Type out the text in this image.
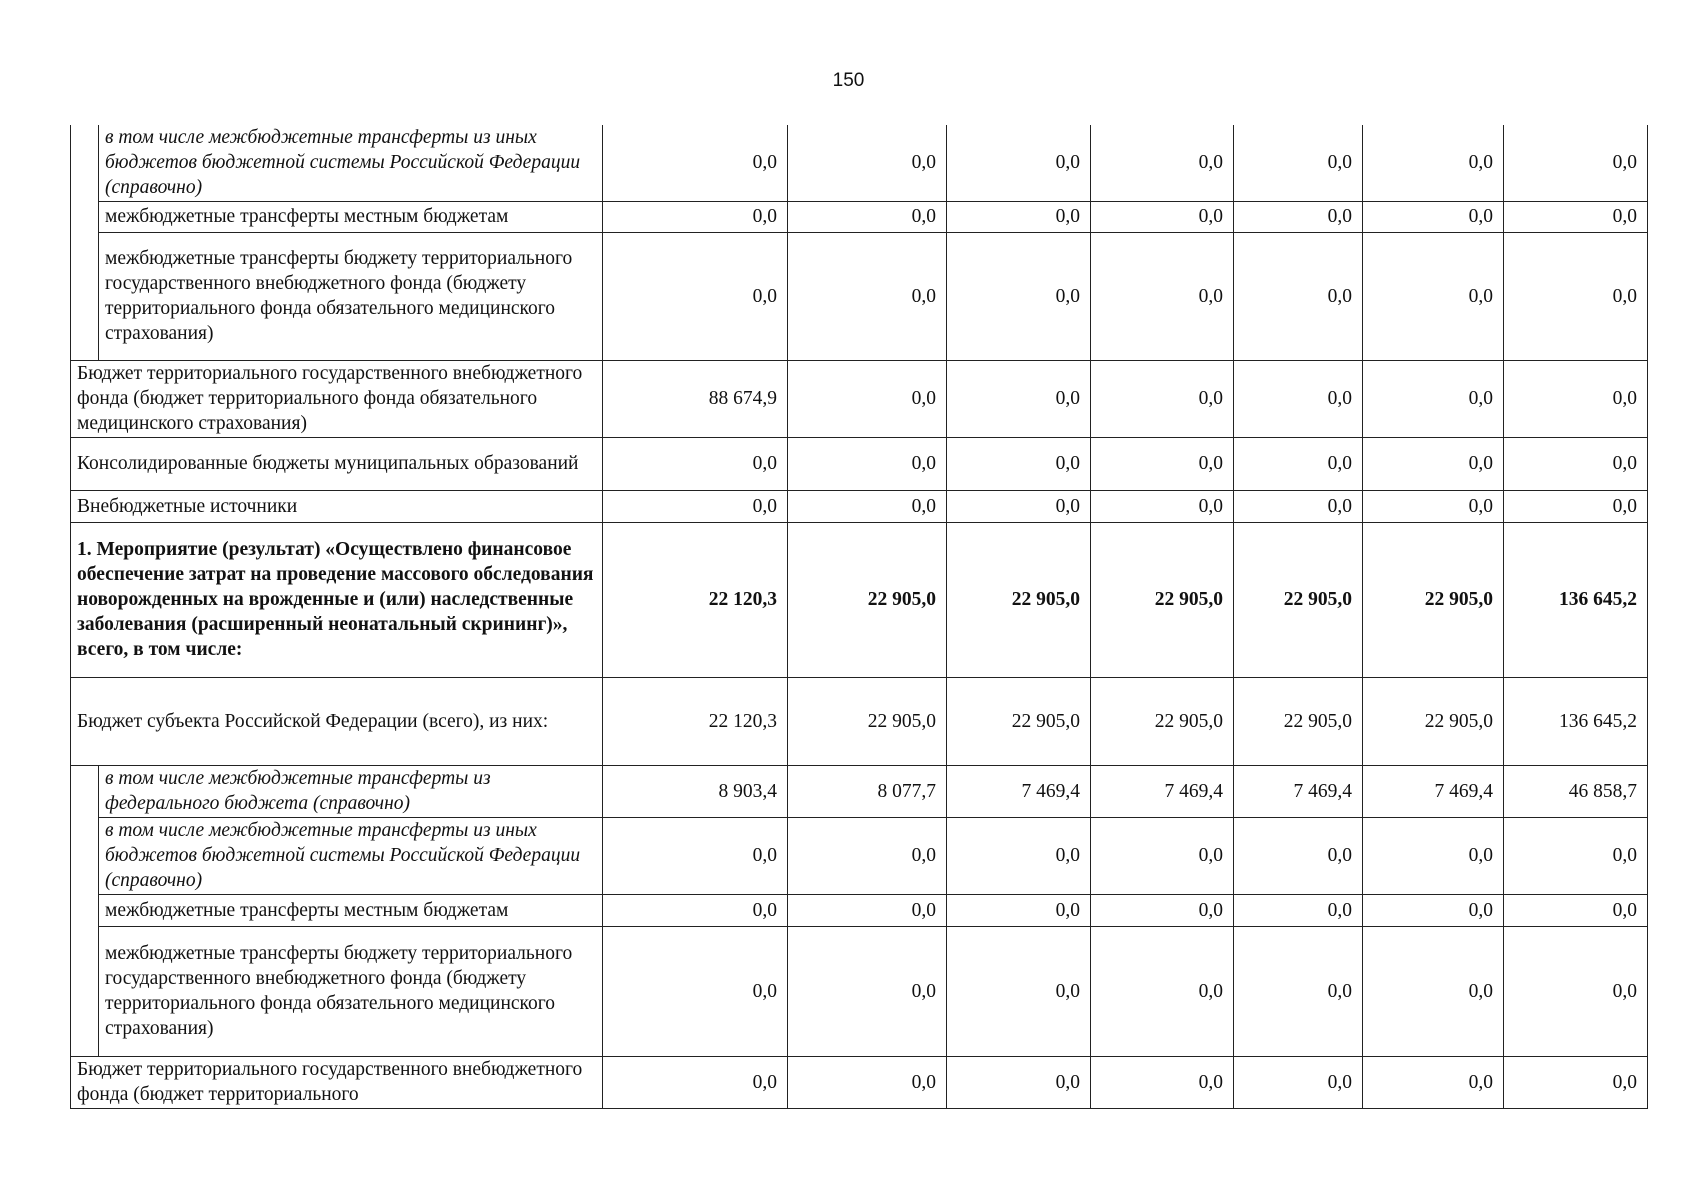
150
	в том числе межбюджетные трансферты из иных бюджетов бюджетной системы Российской Федерации (справочно)	0,0	0,0	0,0	0,0	0,0	0,0	0,0
	межбюджетные трансферты местным бюджетам	0,0	0,0	0,0	0,0	0,0	0,0	0,0
	межбюджетные трансферты бюджету территориального государственного внебюджетного фонда (бюджету территориального фонда обязательного медицинского страхования)	0,0	0,0	0,0	0,0	0,0	0,0	0,0
Бюджет территориального государственного внебюджетного фонда (бюджет территориального фонда обязательного медицинского страхования)		88 674,9	0,0	0,0	0,0	0,0	0,0	0,0
Консолидированные бюджеты муниципальных образований		0,0	0,0	0,0	0,0	0,0	0,0	0,0
Внебюджетные источники		0,0	0,0	0,0	0,0	0,0	0,0	0,0
1. Мероприятие (результат) «Осуществлено финансовое обеспечение затрат на проведение массового обследования новорожденных на врожденные и (или) наследственные заболевания (расширенный неонатальный скрининг)», всего, в том числе:		22 120,3	22 905,0	22 905,0	22 905,0	22 905,0	22 905,0	136 645,2
Бюджет субъекта Российской Федерации (всего), из них:		22 120,3	22 905,0	22 905,0	22 905,0	22 905,0	22 905,0	136 645,2
	в том числе межбюджетные трансферты из федерального бюджета (справочно)	8 903,4	8 077,7	7 469,4	7 469,4	7 469,4	7 469,4	46 858,7
	в том числе межбюджетные трансферты из иных бюджетов бюджетной системы Российской Федерации (справочно)	0,0	0,0	0,0	0,0	0,0	0,0	0,0
	межбюджетные трансферты местным бюджетам	0,0	0,0	0,0	0,0	0,0	0,0	0,0
	межбюджетные трансферты бюджету территориального государственного внебюджетного фонда (бюджету территориального фонда обязательного медицинского страхования)	0,0	0,0	0,0	0,0	0,0	0,0	0,0
Бюджет территориального государственного внебюджетного фонда (бюджет территориального		0,0	0,0	0,0	0,0	0,0	0,0	0,0
